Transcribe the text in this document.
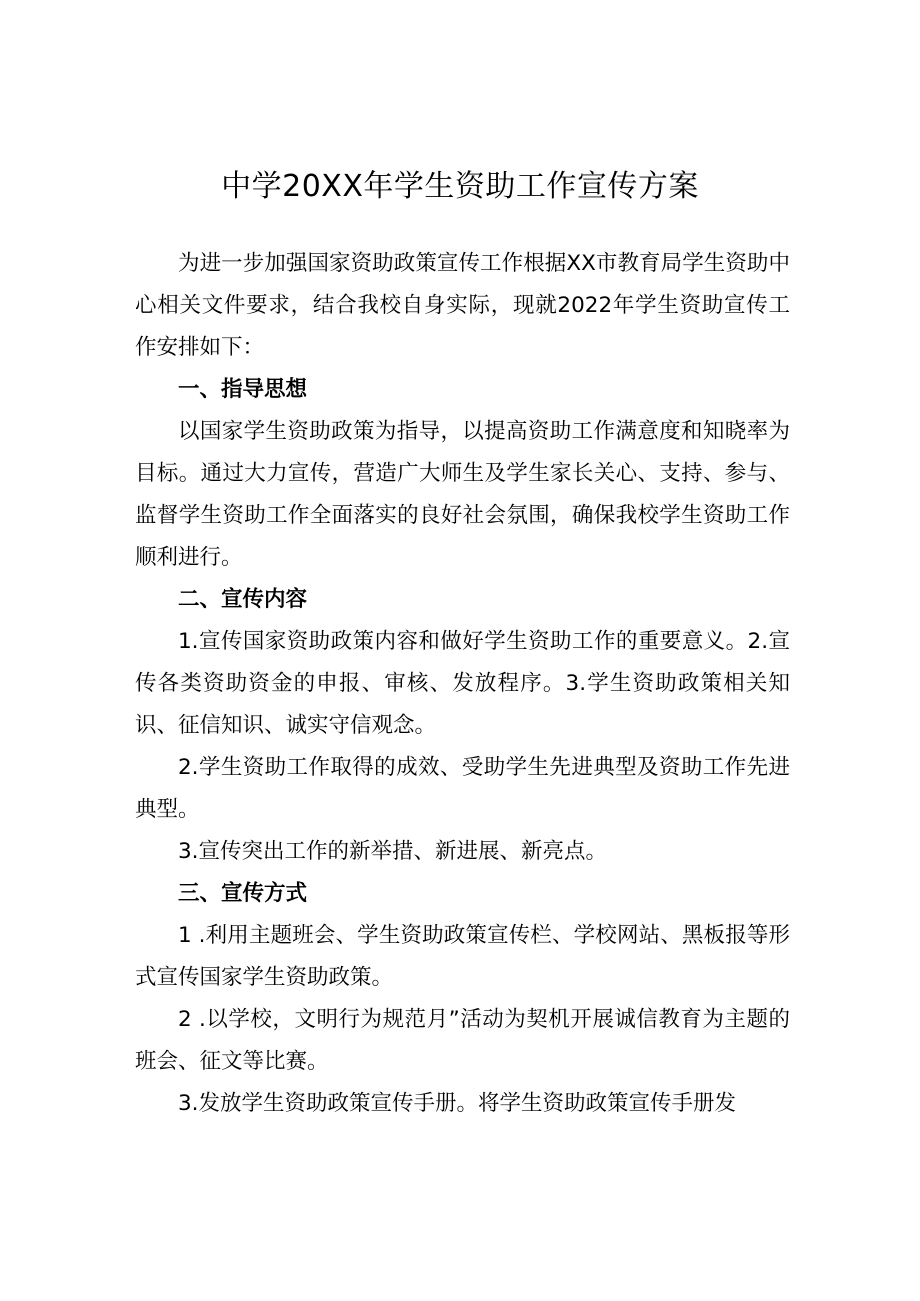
中学20XX年学生资助工作宣传方案

为进一步加强国家资助政策宣传工作根据XX市教育局学生资助中心相关文件要求，结合我校自身实际，现就2022年学生资助宣传工作安排如下：

一、指导思想

以国家学生资助政策为指导，以提高资助工作满意度和知晓率为目标。通过大力宣传，营造广大师生及学生家长关心、支持、参与、监督学生资助工作全面落实的良好社会氛围，确保我校学生资助工作顺利进行。

二、宣传内容

1.宣传国家资助政策内容和做好学生资助工作的重要意义。2.宣传各类资助资金的申报、审核、发放程序。3.学生资助政策相关知识、征信知识、诚实守信观念。

2.学生资助工作取得的成效、受助学生先进典型及资助工作先进典型。

3.宣传突出工作的新举措、新进展、新亮点。

三、宣传方式

1 .利用主题班会、学生资助政策宣传栏、学校网站、黑板报等形式宣传国家学生资助政策。

2 .以学校，文明行为规范月”活动为契机开展诚信教育为主题的班会、征文等比赛。

3.发放学生资助政策宣传手册。将学生资助政策宣传手册发
